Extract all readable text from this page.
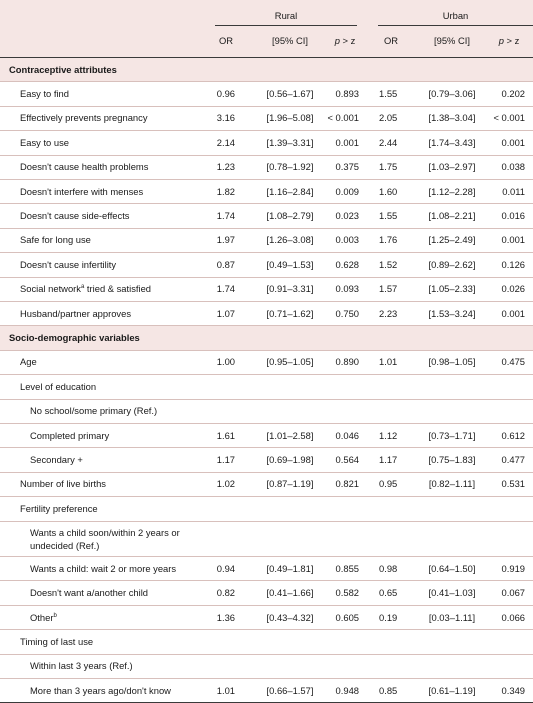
Rural	Urban
OR	[95% CI]	p > z	OR	[95% CI]	p > z
Contraceptive attributes
Easy to find	0.96	[0.56–1.67]	0.893 1.55	[0.79–3.06]	0.202
Effectively prevents pregnancy	3.16	[1.96–5.08]	< 0.001 2.05	[1.38–3.04]	< 0.001
Easy to use	2.14	[1.39–3.31]	0.001 2.44	[1.74–3.43]	0.001
Doesn't cause health problems	1.23	[0.78–1.92]	0.375 1.75	[1.03–2.97]	0.038
Doesn't interfere with menses	1.82	[1.16–2.84]	0.009 1.60	[1.12–2.28]	0.011
Doesn't cause side-effects	1.74	[1.08–2.79]	0.023 1.55	[1.08–2.21]	0.016
Safe for long use	1.97	[1.26–3.08]	0.003 1.76	[1.25–2.49]	0.001
Doesn't cause infertility	0.87	[0.49–1.53]	0.628 1.52	[0.89–2.62]	0.126
Social network$^a$ tried & satisfied	1.74	[0.91–3.31]	0.093 1.57	[1.05–2.33]	0.026
Husband/partner approves	1.07	[0.71–1.62]	0.750 2.23	[1.53–3.24]	0.001
Socio-demographic variables
Age	1.00	[0.95–1.05]	0.890 1.01	[0.98–1.05]	0.475
Level of education
No school/some primary (Ref.)
Completed primary	1.61	[1.01–2.58]	0.046 1.12	[0.73–1.71]	0.612
Secondary +	1.17	[0.69–1.98]	0.564 1.17	[0.75–1.83]	0.477
Number of live births	1.02	[0.87–1.19]	0.821 0.95	[0.82–1.11]	0.531
Fertility preference
Wants a child soon/within 2 years or
undecided (Ref.)
Wants a child: wait 2 or more years	0.94	[0.49–1.81]	0.855 0.98	[0.64–1.50]	0.919
Doesn't want a/another child	0.82	[0.41–1.66]	0.582 0.65	[0.41–1.03]	0.067
Other$^b$	1.36	[0.43–4.32]	0.605 0.19	[0.03–1.11]	0.066
Timing of last use
Within last 3 years (Ref.)
More than 3 years ago/don't know	1.01	[0.66–1.57]	0.948 0.85	[0.61–1.19]	0.349
